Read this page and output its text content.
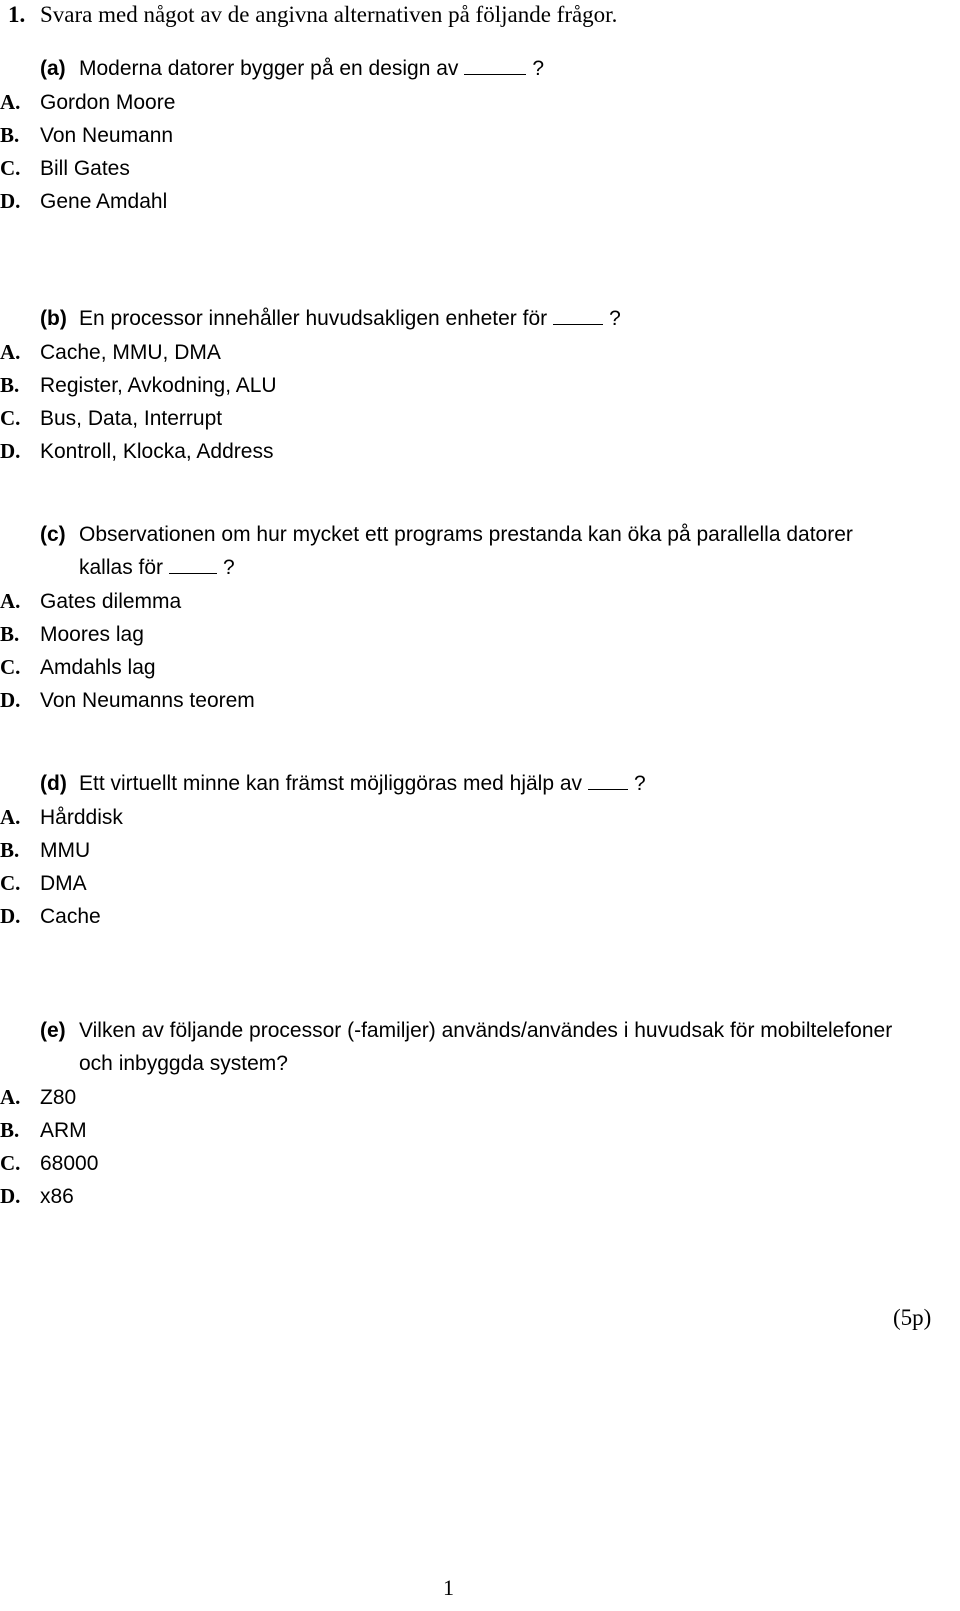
1. Svara med något av de angivna alternativen på följande frågor.
(a) Moderna datorer bygger på en design av	?
A. Gordon Moore
B. Von Neumann
C. Bill Gates
D. Gene Amdahl
(b) En processor innehåller huvudsakligen enheter för	?
A. Cache, MMU, DMA
B. Register, Avkodning, ALU
C. Bus, Data, Interrupt
D. Kontroll, Klocka, Address
(c) Observationen om hur mycket ett programs prestanda kan öka på parallella datorer
kallas för	?
A. Gates dilemma
B. Moores lag
C. Amdahls lag
D. Von Neumanns teorem
(d) Ett virtuellt minne kan främst möjliggöras med hjälp av ?
A. Hårddisk
B. MMU
C. DMA
D. Cache
(e) Vilken av följande processor (-familjer) används/användes i huvudsak för mobiltelefoner
och inbyggda system?
A. Z80
B. ARM
C. 68000
D. x86
(5p)
1
